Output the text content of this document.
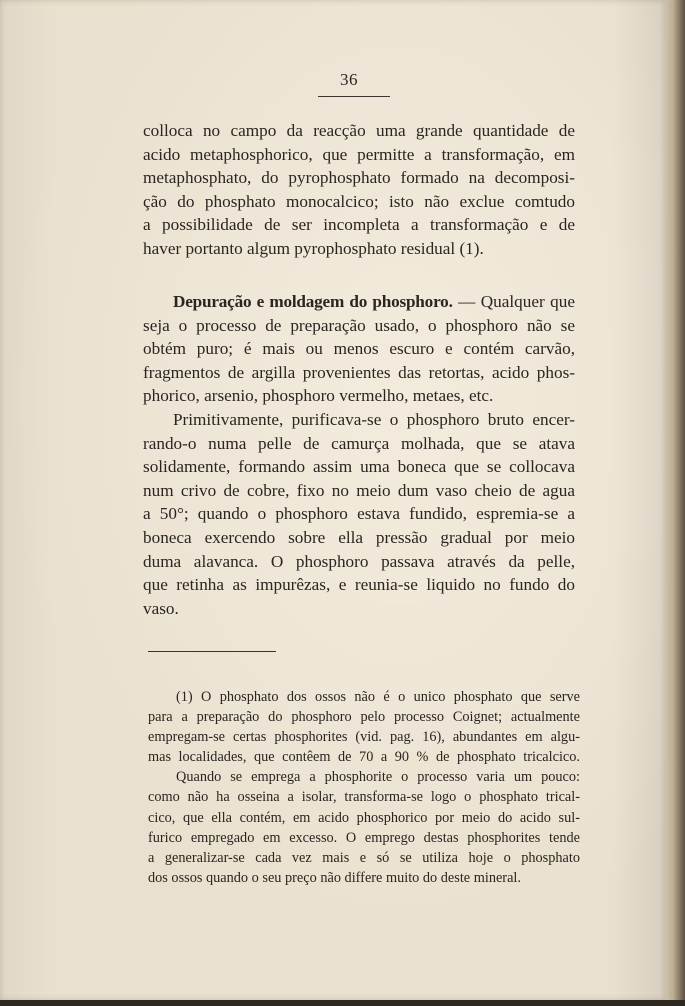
36
colloca no campo da reacção uma grande quantidade de
acido metaphosphorico, que permitte a transformação, em
metaphosphato, do pyrophosphato formado na decomposi-
ção do phosphato monocalcico; isto não exclue comtudo
a possibilidade de ser incompleta a transformação e de
haver portanto algum pyrophosphato residual (1).
Depuração e moldagem do phosphoro. — Qualquer que
seja o processo de preparação usado, o phosphoro não se
obtém puro; é mais ou menos escuro e contém carvão,
fragmentos de argilla provenientes das retortas, acido phos-
phorico, arsenio, phosphoro vermelho, metaes, etc.
Primitivamente, purificava-se o phosphoro bruto encer-
rando-o numa pelle de camurça molhada, que se atava
solidamente, formando assim uma boneca que se collocava
num crivo de cobre, fixo no meio dum vaso cheio de agua
a 50°; quando o phosphoro estava fundido, espremia-se a
boneca exercendo sobre ella pressão gradual por meio
duma alavanca. O phosphoro passava através da pelle,
que retinha as impurêzas, e reunia-se liquido no fundo do
vaso.
(1) O phosphato dos ossos não é o unico phosphato que serve
para a preparação do phosphoro pelo processo Coignet; actualmente
empregam-se certas phosphorites (vid. pag. 16), abundantes em algu-
mas localidades, que contêem de 70 a 90 % de phosphato tricalcico.
Quando se emprega a phosphorite o processo varia um pouco:
como não ha osseina a isolar, transforma-se logo o phosphato trical-
cico, que ella contém, em acido phosphorico por meio do acido sul-
furico empregado em excesso. O emprego destas phosphorites tende
a generalizar-se cada vez mais e só se utiliza hoje o phosphato
dos ossos quando o seu preço não differe muito do deste mineral.
